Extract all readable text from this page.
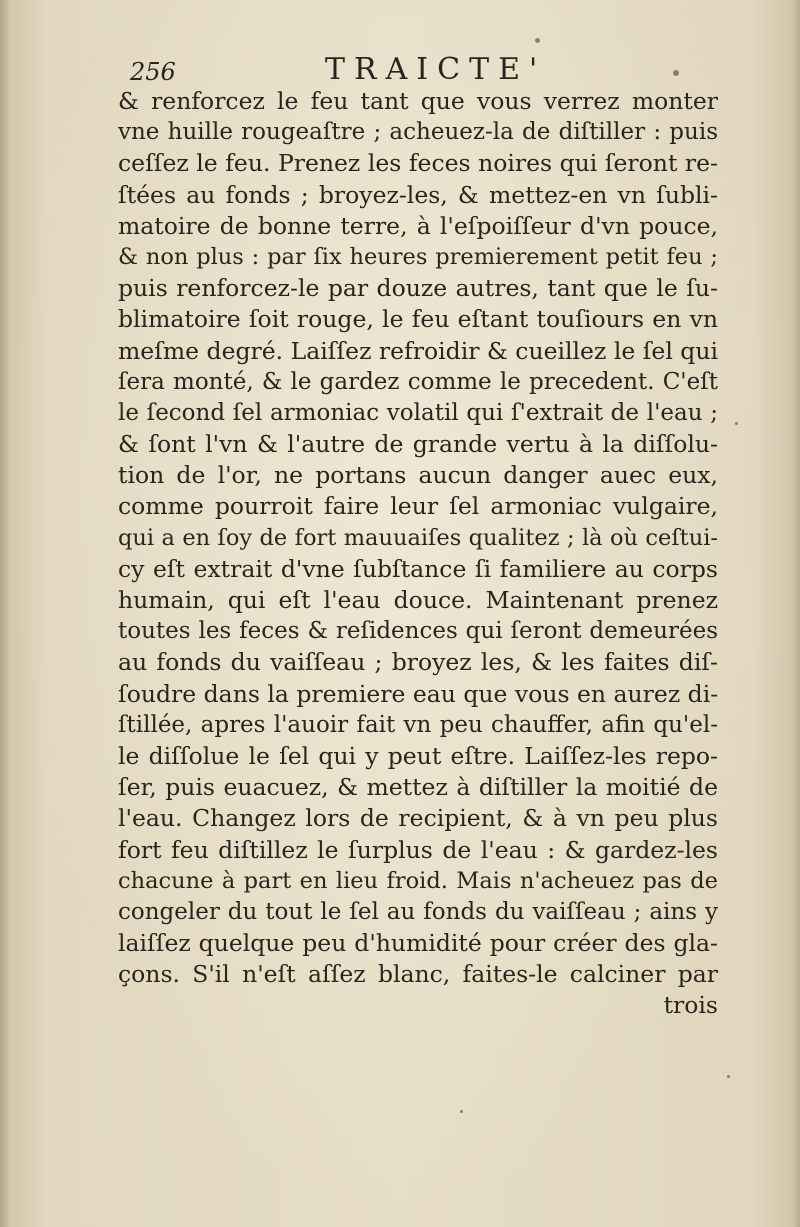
256	TRAICTE'
& renforcez le feu tant que vous verrez monter
vne huille rougeaſtre ; acheuez-la de diſtiller : puis
ceſſez le feu. Prenez les feces noires qui ſeront re-
ſtées au fonds ; broyez-les, & mettez-en vn ſubli-
matoire de bonne terre, à l'eſpoiſſeur d'vn pouce,
& non plus : par ſix heures premierement petit feu ;
puis renforcez-le par douze autres, tant que le ſu-
blimatoire ſoit rouge, le feu eſtant touſiours en vn
meſme degré. Laiſſez refroidir & cueillez le ſel qui
ſera monté, & le gardez comme le precedent. C'eſt
le ſecond ſel armoniac volatil qui ſ'extrait de l'eau ;
& ſont l'vn & l'autre de grande vertu à la diſſolu-
tion de l'or, ne portans aucun danger auec eux,
comme pourroit faire leur ſel armoniac vulgaire,
qui a en ſoy de fort mauuaiſes qualitez ; là où ceſtui-
cy eſt extrait d'vne ſubſtance ſi familiere au corps
humain, qui eſt l'eau douce. Maintenant prenez
toutes les feces & reſidences qui ſeront demeurées
au fonds du vaiſſeau ; broyez les, & les faites diſ-
ſoudre dans la premiere eau que vous en aurez di-
ſtillée, apres l'auoir fait vn peu chauffer, afin qu'el-
le diſſolue le ſel qui y peut eſtre. Laiſſez-les repo-
ſer, puis euacuez, & mettez à diſtiller la moitié de
l'eau. Changez lors de recipient, & à vn peu plus
fort feu diſtillez le ſurplus de l'eau : & gardez-les
chacune à part en lieu froid. Mais n'acheuez pas de
congeler du tout le ſel au fonds du vaiſſeau ; ains y
laiſſez quelque peu d'humidité pour créer des gla-
çons. S'il n'eſt aſſez blanc, faites-le calciner par
trois
